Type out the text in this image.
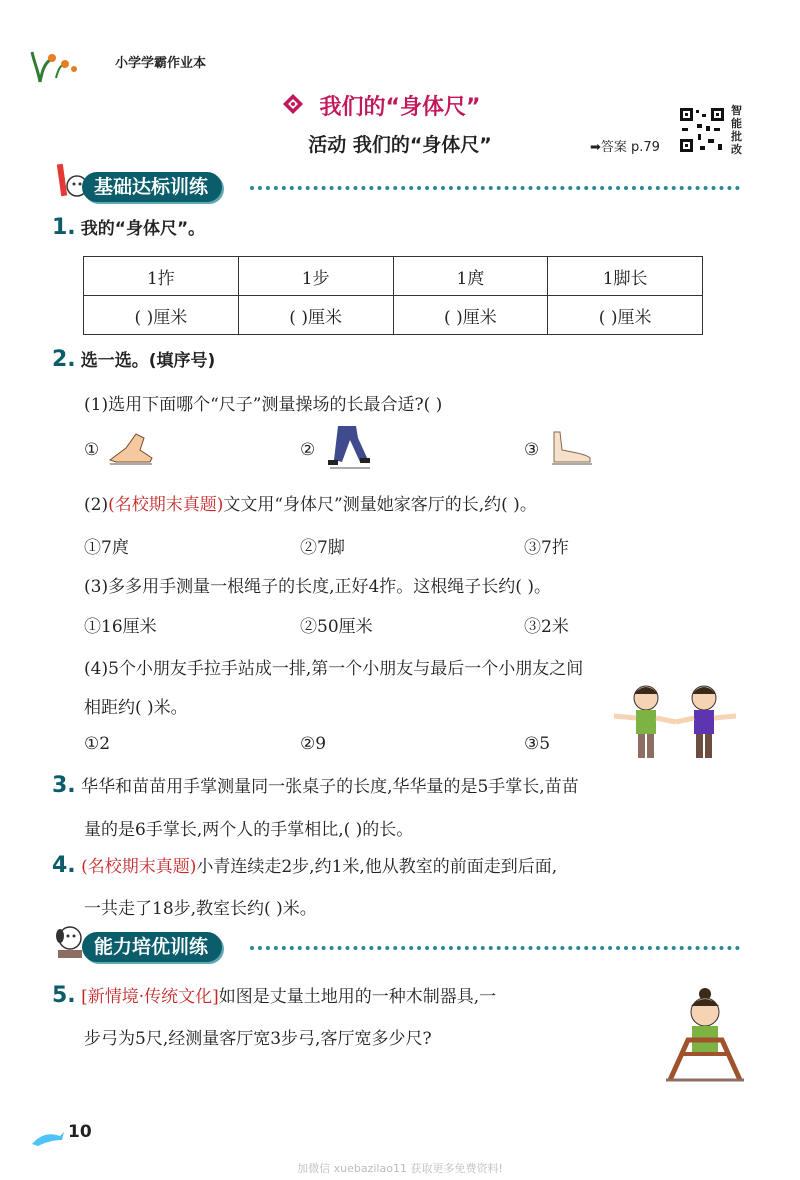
小学学霸作业本
我们的“身体尺”
活动 我们的“身体尺”	➡答案 p.79
智能批改
基础达标训练
1. 我的“身体尺”。
1拃	1步	1庹	1脚长
( )厘米	( )厘米	( )厘米	( )厘米
2. 选一选。(填序号)
(1)选用下面哪个“尺子”测量操场的长最合适?( )
①	②	③
(2)(名校期末真题)文文用“身体尺”测量她家客厅的长,约( )。
①7庹	②7脚	③7拃
(3)多多用手测量一根绳子的长度,正好4拃。这根绳子长约( )。
①16厘米	②50厘米	③2米
(4)5个小朋友手拉手站成一排,第一个小朋友与最后一个小朋友之间
相距约( )米。
①2	②9	③5
3. 华华和苗苗用手掌测量同一张桌子的长度,华华量的是5手掌长,苗苗
量的是6手掌长,两个人的手掌相比,( )的长。
4. (名校期末真题)小青连续走2步,约1米,他从教室的前面走到后面,
一共走了18步,教室长约( )米。
能力培优训练
5. [新情境·传统文化]如图是丈量土地用的一种木制器具,一
步弓为5尺,经测量客厅宽3步弓,客厅宽多少尺?
10
加微信 xuebazilao11 获取更多免费资料!
